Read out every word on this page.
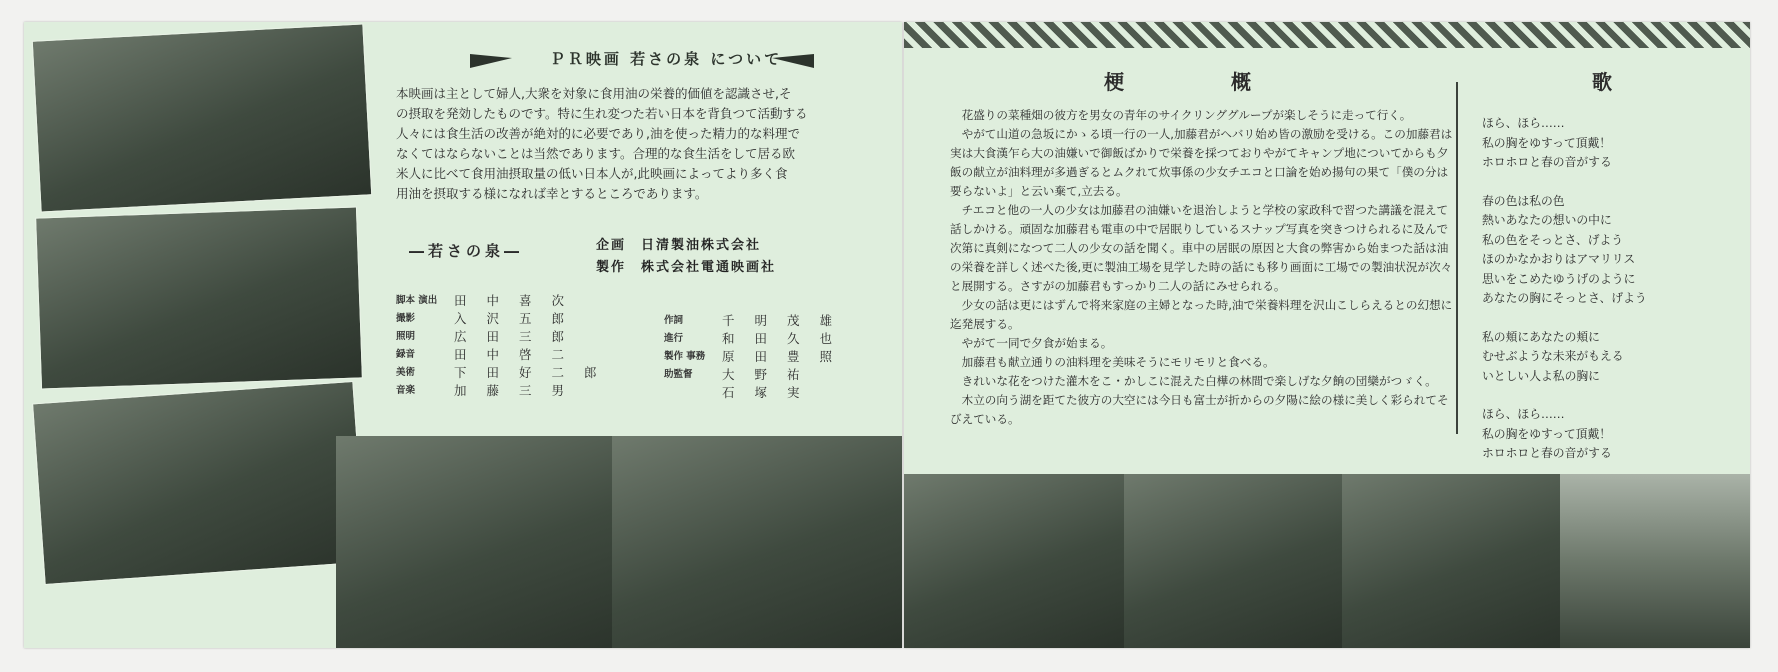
ＰＲ映画 若さの泉 について

本映画は主として婦人,大衆を対象に食用油の栄養的価値を認識させ,そ

の摂取を発効したものです。特に生れ変つた若い日本を背負つて活動する

人々には食生活の改善が絶対的に必要であり,油を使った精力的な料理で

なくてはならないことは当然であります。合理的な食生活をして居る欧

米人に比べて食用油摂取量の低い日本人が,此映画によってより多く食

用油を摂取する様になれば幸とするところであります。

―若さの泉―	企画　 日清製油株式会社
製作　 株式会社電通映画社
脚本 演出	田中喜次
撮影	入沢五郎
照明	広田三郎
録音	田中啓二
美術	下田好二郎
音楽	加藤三男
作詞	千明茂雄
進行	和田久也
製作 事務	原田豊照
助監督	大野祐
石塚実
梗 概

花盛りの菜種畑の彼方を男女の青年のサイクリンググループが楽しそうに走って行く。

やがて山道の急坂にかゝる頃一行の一人,加藤君がへバリ始め皆の激励を受ける。この加藤君は実は大食漢乍ら大の油嫌いで御飯ばかりで栄養を採つておりやがてキャンプ地についてからも夕飯の献立が油料理が多過ぎるとムクれて炊事係の少女チエコと口論を始め揚句の果て「僕の分は要らないよ」と云い棄て,立去る。

チエコと他の一人の少女は加藤君の油嫌いを退治しようと学校の家政科で習つた講議を混えて話しかける。頑固な加藤君も電車の中で居眠りしているスナップ写真を突きつけられるに及んで次第に真剣になつて二人の少女の話を聞く。車中の居眠の原因と大食の弊害から始まつた話は油の栄養を詳しく述べた後,更に製油工場を見学した時の話にも移り画面に工場での製油状況が次々と展開する。さすがの加藤君もすっかり二人の話にみせられる。

少女の話は更にはずんで将来家庭の主婦となった時,油で栄養料理を沢山こしらえるとの幻想に迄発展する。

やがて一同で夕食が始まる。

加藤君も献立通りの油料理を美味そうにモリモリと食べる。

きれいな花をつけた灌木をこ・かしこに混えた白樺の林間で楽しげな夕餉の団欒がつゞく。

木立の向う湖を距てた彼方の大空には今日も富士が折からの夕陽に絵の様に美しく彩られてそびえている。

歌
ほら、ほら……
私の胸をゆすって頂戴！
ホロホロと春の音がする
春の色は私の色
熱いあなたの想いの中に
私の色をそっとさ、げよう
ほのかなかおりはアマリリス
思いをこめたゆうげのように
あなたの胸にそっとさ、げよう
私の頬にあなたの頬に
むせぶような未来がもえる
いとしい人よ私の胸に
ほら、ほら……
私の胸をゆすって頂戴！
ホロホロと春の音がする
